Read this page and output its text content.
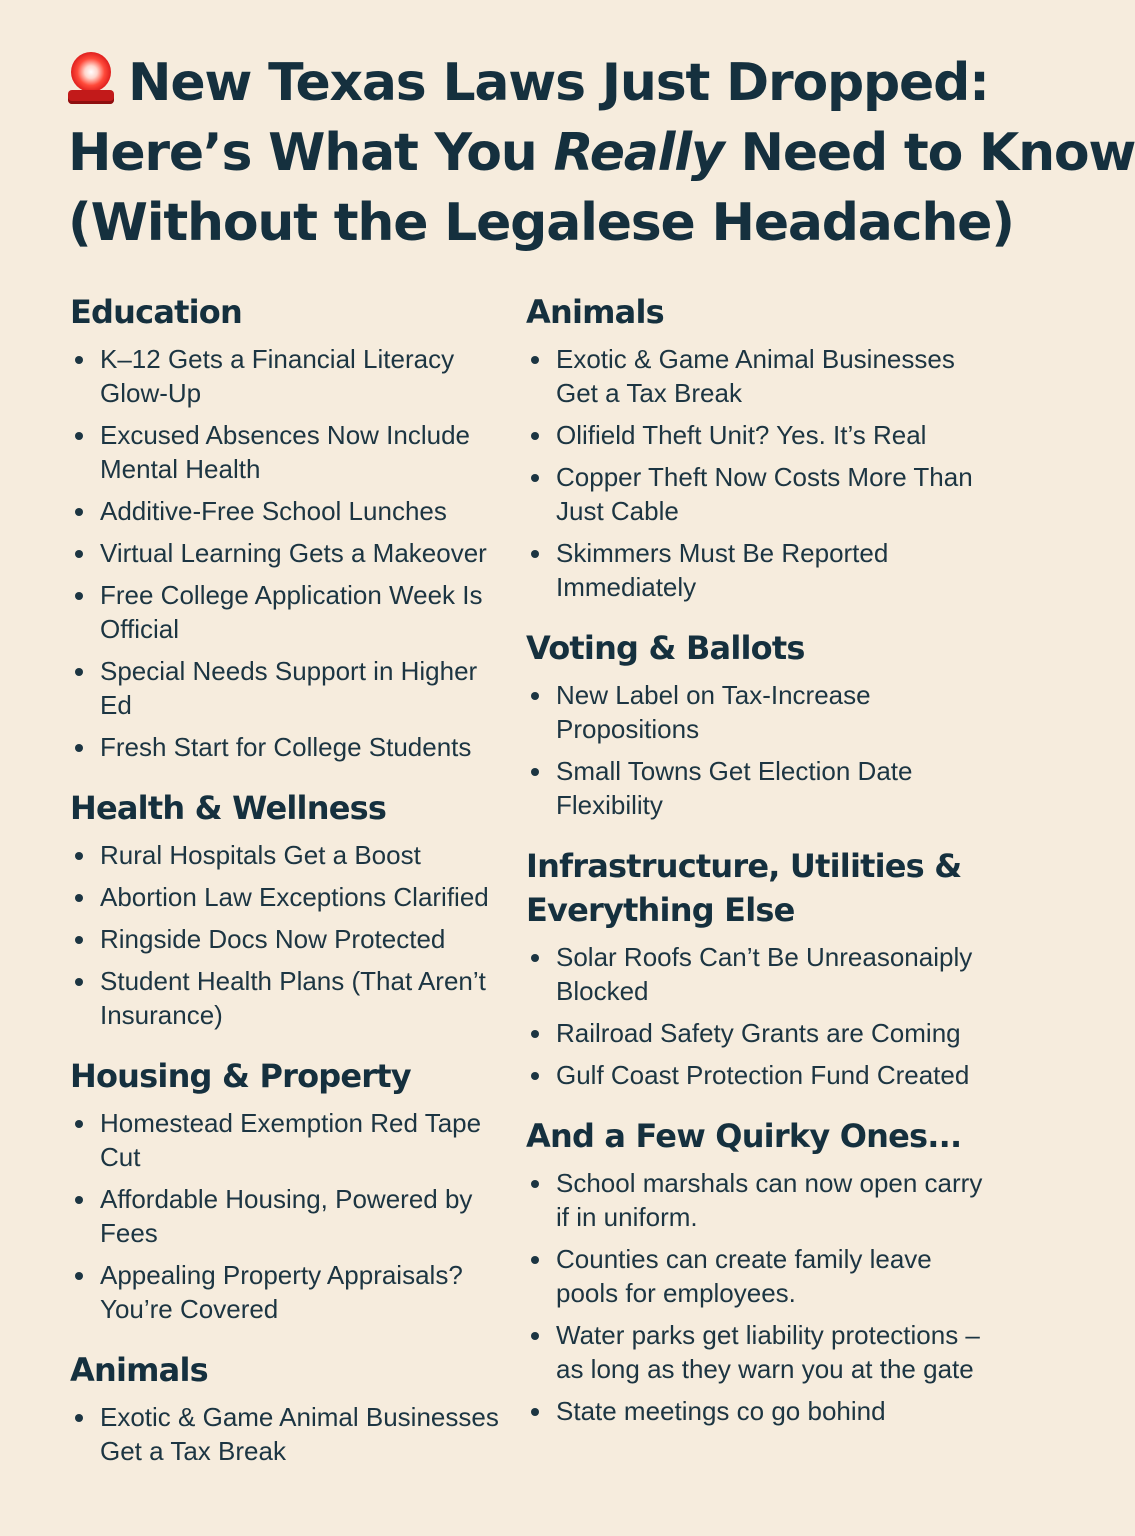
New Texas Laws Just Dropped:
Here’s What You Really Need to Know
(Without the Legalese Headache)
Education
K–12 Gets a Financial Literacy Glow-Up
Excused Absences Now Include Mental Health
Additive-Free School Lunches
Virtual Learning Gets a Makeover
Free College Application Week Is Official
Special Needs Support in Higher Ed
Fresh Start for College Students
Health & Wellness
Rural Hospitals Get a Boost
Abortion Law Exceptions Clarified
Ringside Docs Now Protected
Student Health Plans (That Aren’t Insurance)
Housing & Property
Homestead Exemption Red Tape Cut
Affordable Housing, Powered by Fees
Appealing Property Appraisals? You’re Covered
Animals
Exotic & Game Animal Businesses Get a Tax Break
Animals
Exotic & Game Animal Businesses Get a Tax Break
Olifield Theft Unit? Yes. It’s Real
Copper Theft Now Costs More Than Just Cable
Skimmers Must Be Reported Immediately
Voting & Ballots
New Label on Tax-Increase Propositions
Small Towns Get Election Date Flexibility
Infrastructure, Utilities & Everything Else
Solar Roofs Can’t Be Unreasonaiply Blocked
Railroad Safety Grants are Coming
Gulf Coast Protection Fund Created
And a Few Quirky Ones...
School marshals can now open carry if in uniform.
Counties can create family leave pools for employees.
Water parks get liability protections –as long as they warn you at the gate
State meetings co go bohind
